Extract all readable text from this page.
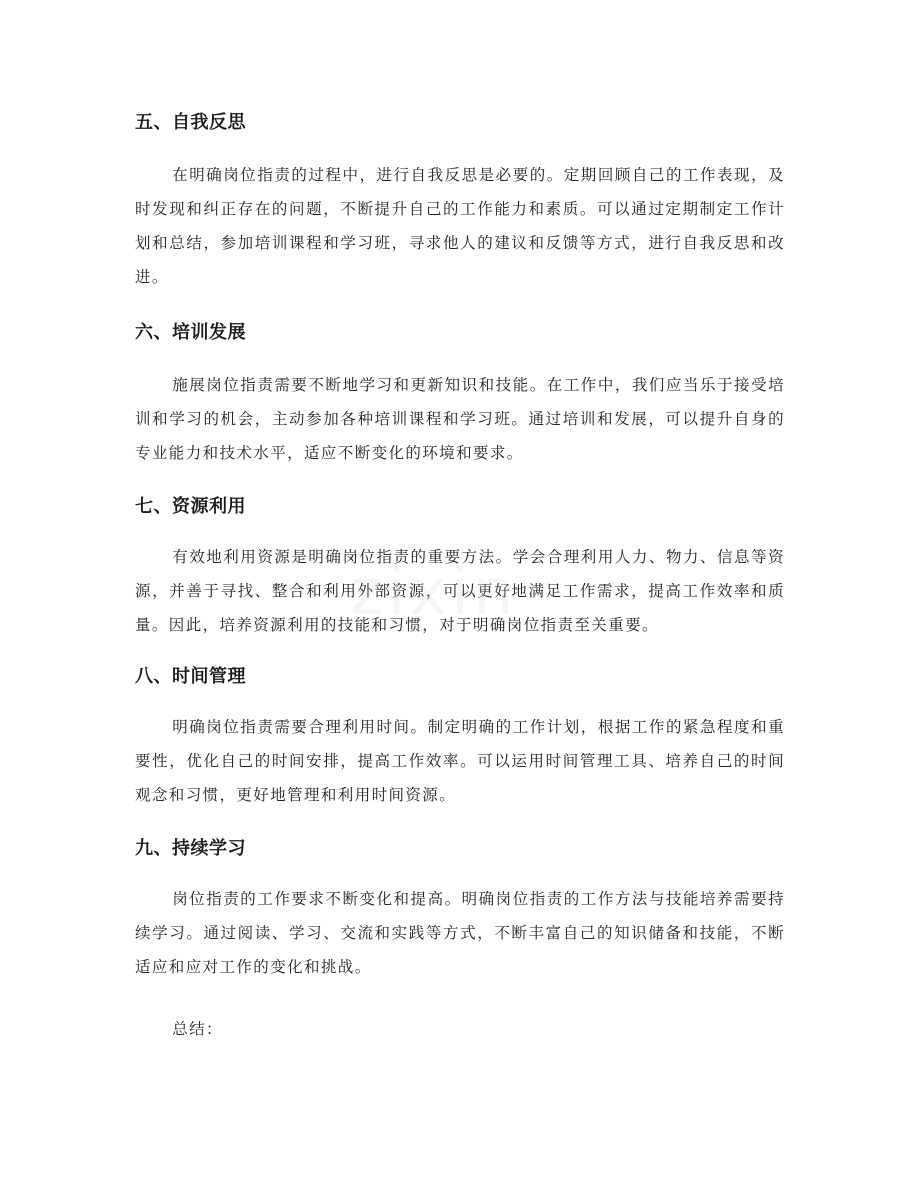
五、自我反思

在明确岗位指责的过程中，进行自我反思是必要的。定期回顾自己的工作表现，及时发现和纠正存在的问题，不断提升自己的工作能力和素质。可以通过定期制定工作计划和总结，参加培训课程和学习班，寻求他人的建议和反馈等方式，进行自我反思和改进。

六、培训发展

施展岗位指责需要不断地学习和更新知识和技能。在工作中，我们应当乐于接受培训和学习的机会，主动参加各种培训课程和学习班。通过培训和发展，可以提升自身的专业能力和技术水平，适应不断变化的环境和要求。

七、资源利用

有效地利用资源是明确岗位指责的重要方法。学会合理利用人力、物力、信息等资源，并善于寻找、整合和利用外部资源，可以更好地满足工作需求，提高工作效率和质量。因此，培养资源利用的技能和习惯，对于明确岗位指责至关重要。

八、时间管理

明确岗位指责需要合理利用时间。制定明确的工作计划，根据工作的紧急程度和重要性，优化自己的时间安排，提高工作效率。可以运用时间管理工具、培养自己的时间观念和习惯，更好地管理和利用时间资源。

九、持续学习

岗位指责的工作要求不断变化和提高。明确岗位指责的工作方法与技能培养需要持续学习。通过阅读、学习、交流和实践等方式，不断丰富自己的知识储备和技能，不断适应和应对工作的变化和挑战。

总结：

zixin
